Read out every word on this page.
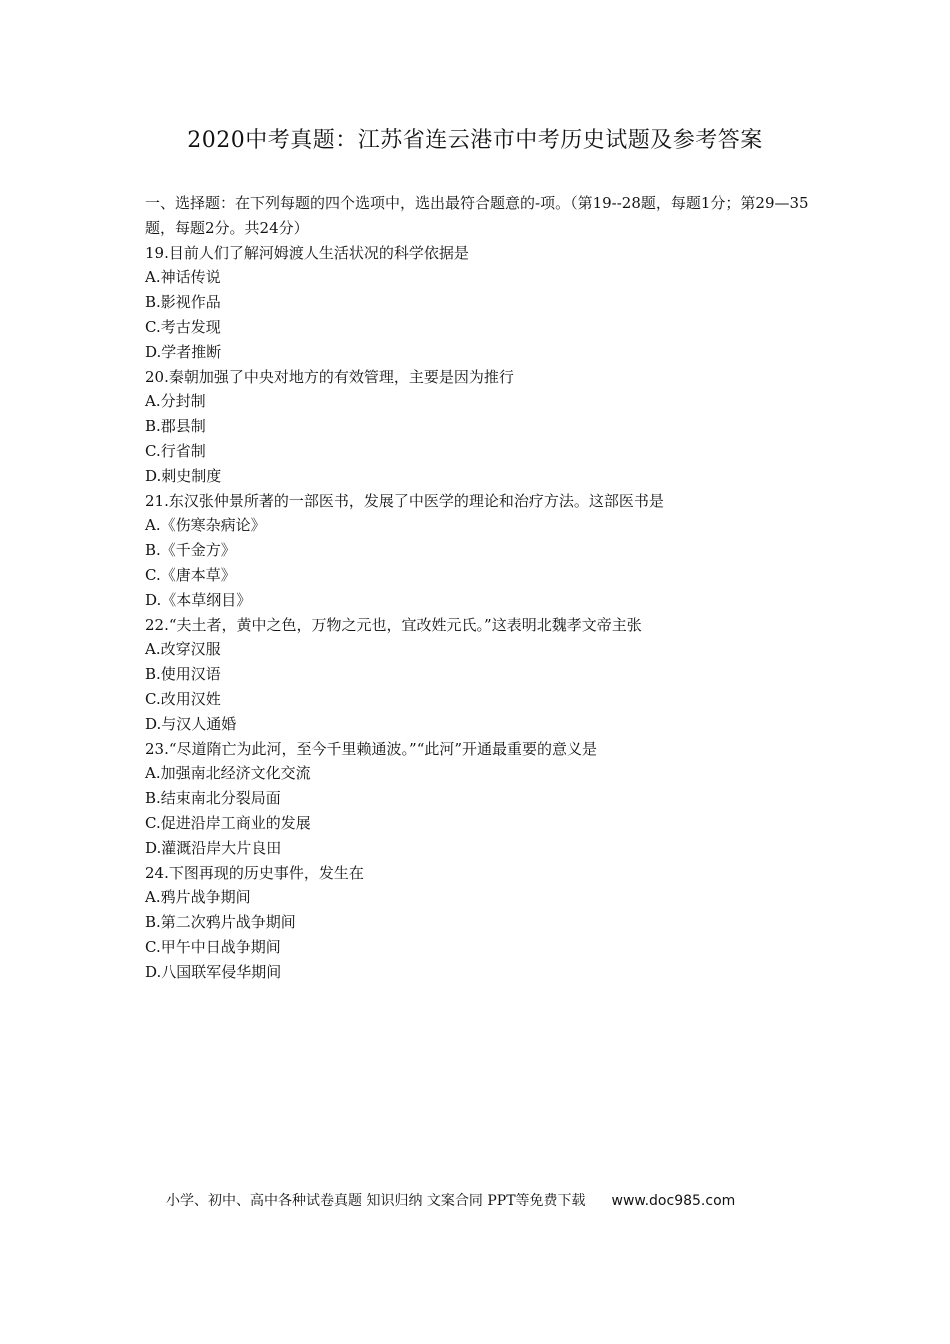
2020中考真题：江苏省连云港市中考历史试题及参考答案

一、选择题：在下列每题的四个选项中，选出最符合题意的-项。（第19--28题，每题1分；第29—35题，每题2分。共24分）

19.目前人们了解河姆渡人生活状况的科学依据是
A.神话传说
B.影视作品
C.考古发现
D.学者推断
20.秦朝加强了中央对地方的有效管理，主要是因为推行
A.分封制
B.郡县制
C.行省制
D.刺史制度
21.东汉张仲景所著的一部医书，发展了中医学的理论和治疗方法。这部医书是
A.《伤寒杂病论》
B.《千金方》
C.《唐本草》
D.《本草纲目》
22.“夫土者，黄中之色，万物之元也，宜改姓元氏。”这表明北魏孝文帝主张
A.改穿汉服
B.使用汉语
C.改用汉姓
D.与汉人通婚
23.“尽道隋亡为此河，至今千里赖通波。”“此河”开通最重要的意义是
A.加强南北经济文化交流
B.结束南北分裂局面
C.促进沿岸工商业的发展
D.灌溉沿岸大片良田
24.下图再现的历史事件，发生在
A.鸦片战争期间
B.第二次鸦片战争期间
C.甲午中日战争期间
D.八国联军侵华期间
小学、初中、高中各种试卷真题 知识归纳 文案合同 PPT等免费下载 www.doc985.com
